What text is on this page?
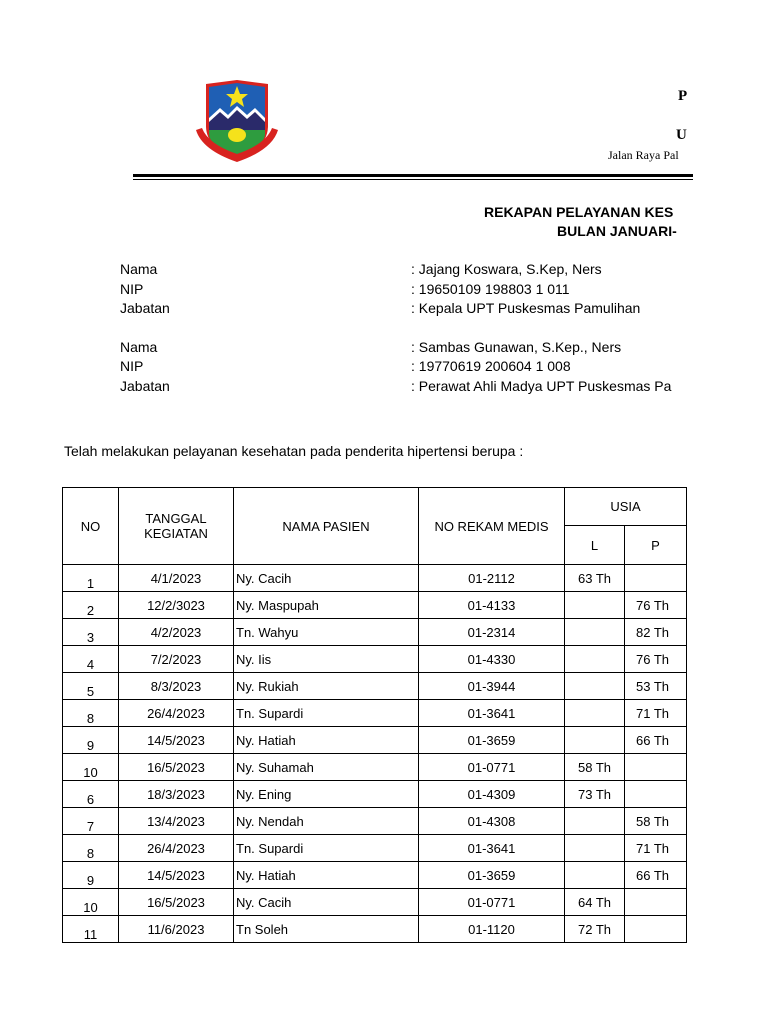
P
U
Jalan Raya Pal
REKAPAN PELAYANAN KES
BULAN JANUARI-
Nama	: Jajang Koswara, S.Kep, Ners
NIP	: 19650109 198803 1 011
Jabatan	: Kepala UPT Puskesmas Pamulihan
Nama	: Sambas Gunawan, S.Kep., Ners
NIP	: 19770619 200604 1 008
Jabatan	: Perawat Ahli Madya UPT Puskesmas Pa
Telah melakukan pelayanan kesehatan pada penderita hipertensi berupa :
NO	TANGGAL KEGIATAN	NAMA PASIEN	NO REKAM MEDIS	USIA	
				L	P
1	4/1/2023	Ny. Cacih	01-2112	63 Th	
2	12/2/3023	Ny. Maspupah	01-4133		76 Th
3	4/2/2023	Tn. Wahyu	01-2314		82 Th
4	7/2/2023	Ny. Iis	01-4330		76 Th
5	8/3/2023	Ny. Rukiah	01-3944		53 Th
8	26/4/2023	Tn. Supardi	01-3641		71 Th
9	14/5/2023	Ny. Hatiah	01-3659		66 Th
10	16/5/2023	Ny. Suhamah	01-0771	58 Th	
6	18/3/2023	Ny. Ening	01-4309	73 Th	
7	13/4/2023	Ny. Nendah	01-4308		58 Th
8	26/4/2023	Tn. Supardi	01-3641		71 Th
9	14/5/2023	Ny. Hatiah	01-3659		66 Th
10	16/5/2023	Ny. Cacih	01-0771	64 Th	
11	11/6/2023	Tn Soleh	01-1120	72 Th	
